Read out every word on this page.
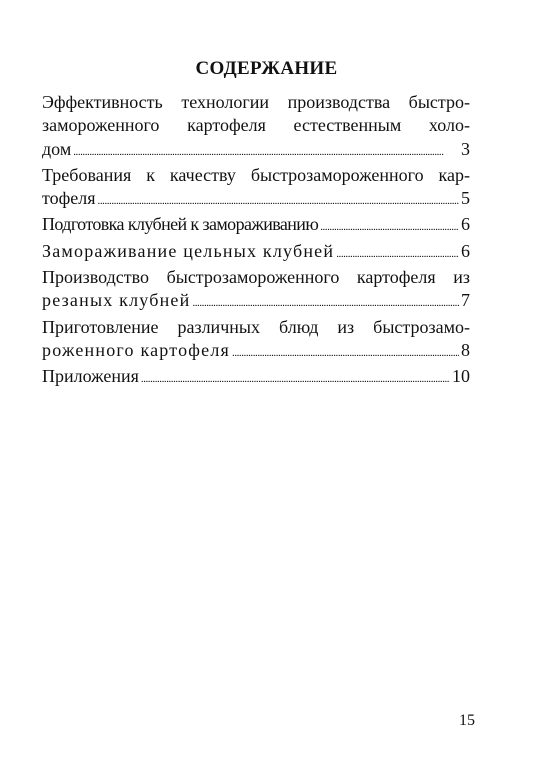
СОДЕРЖАНИЕ
Эффективность технологии производства быстро-
замороженного картофеля естественным холо-
дом . . .	3
Требования к качеству быстрозамороженного кар-
тофеля . . .	5
Подготовка клубней к замораживанию . . .	6
Замораживание цельных клубней . . .	6
Производство быстрозамороженного картофеля из
резаных клубней . . .	7
Приготовление различных блюд из быстрозамо-
роженного картофеля . . .	8
Приложения . . .	10
15
